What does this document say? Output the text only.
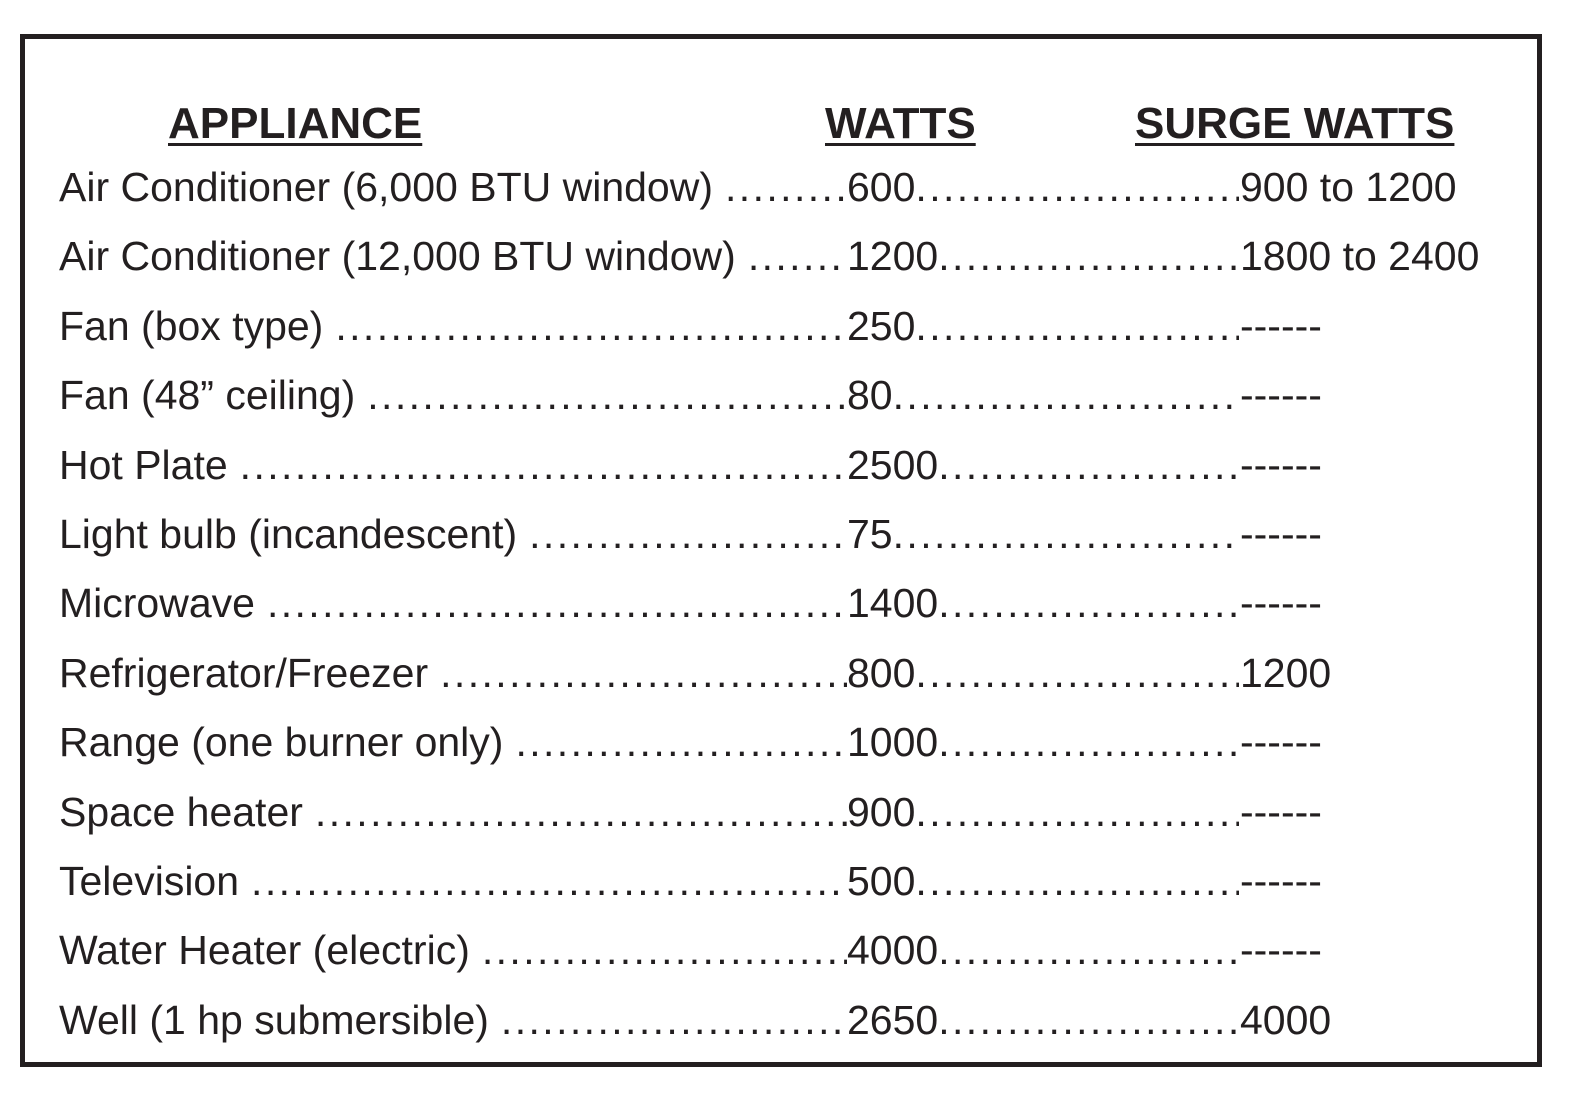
APPLIANCE	WATTS	SURGE WATTS
Air Conditioner (6,000 BTU window) .....	600 .....	900 to 1200
Air Conditioner (12,000 BTU window) .....	1200 .....	1800 to 2400
Fan (box type) .....	250 .....	------
Fan (48” ceiling) .....	80 .....	------
Hot Plate .....	2500 .....	------
Light bulb (incandescent) .....	75 .....	------
Microwave .....	1400 .....	------
Refrigerator/Freezer .....	800 .....	1200
Range (one burner only) .....	1000 .....	------
Space heater .....	900 .....	------
Television .....	500 .....	------
Water Heater (electric) .....	4000 .....	------
Well (1 hp submersible) .....	2650 .....	4000
